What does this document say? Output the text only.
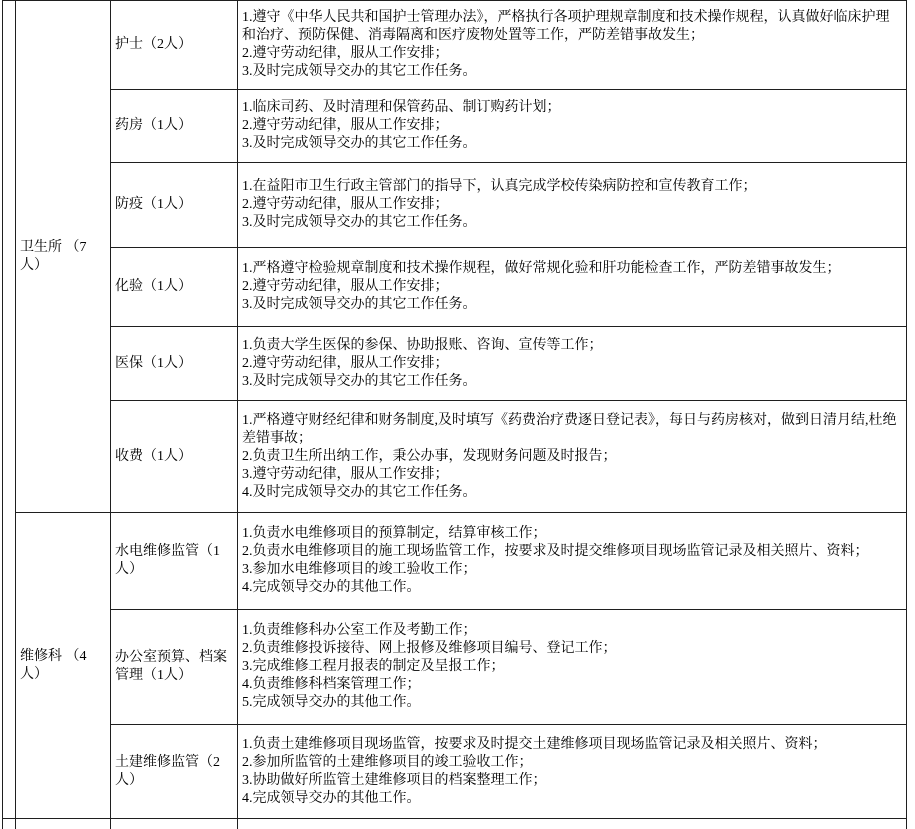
	卫生所 （7人）	护士（2人）	1.遵守《中华人民共和国护士管理办法》，严格执行各项护理规章制度和技术操作规程，认真做好临床护理和治疗、预防保健、消毒隔离和医疗废物处置等工作，严防差错事故发生；
2.遵守劳动纪律，服从工作安排；
3.及时完成领导交办的其它工作任务。

		药房（1人）	1.临床司药、及时清理和保管药品、制订购药计划；
2.遵守劳动纪律，服从工作安排；
3.及时完成领导交办的其它工作任务。

		防疫（1人）	1.在益阳市卫生行政主管部门的指导下，认真完成学校传染病防控和宣传教育工作；
2.遵守劳动纪律，服从工作安排；
3.及时完成领导交办的其它工作任务。

		化验（1人）	1.严格遵守检验规章制度和技术操作规程，做好常规化验和肝功能检查工作，严防差错事故发生；
2.遵守劳动纪律，服从工作安排；
3.及时完成领导交办的其它工作任务。

		医保（1人）	1.负责大学生医保的参保、协助报账、咨询、宣传等工作；
2.遵守劳动纪律，服从工作安排；
3.及时完成领导交办的其它工作任务。

		收费（1人）	1.严格遵守财经纪律和财务制度,及时填写《药费治疗费逐日登记表》，每日与药房核对，做到日清月结,杜绝差错事故；
2.负责卫生所出纳工作，秉公办事，发现财务问题及时报告；
3.遵守劳动纪律，服从工作安排；
4.及时完成领导交办的其它工作任务。

	维修科 （4人）	水电维修监管（1人）	1.负责水电维修项目的预算制定，结算审核工作；
2.负责水电维修项目的施工现场监管工作，按要求及时提交维修项目现场监管记录及相关照片、资料；
3.参加水电维修项目的竣工验收工作；
4.完成领导交办的其他工作。

		办公室预算、档案管理（1人）	1.负责维修科办公室工作及考勤工作；
2.负责维修投诉接待、网上报修及维修项目编号、登记工作；
3.完成维修工程月报表的制定及呈报工作；
4.负责维修科档案管理工作；
5.完成领导交办的其他工作。

		土建维修监管（2人）	1.负责土建维修项目现场监管，按要求及时提交土建维修项目现场监管记录及相关照片、资料；
2.参加所监管的土建维修项目的竣工验收工作；
3.协助做好所监管土建维修项目的档案整理工作；
4.完成领导交办的其他工作。
